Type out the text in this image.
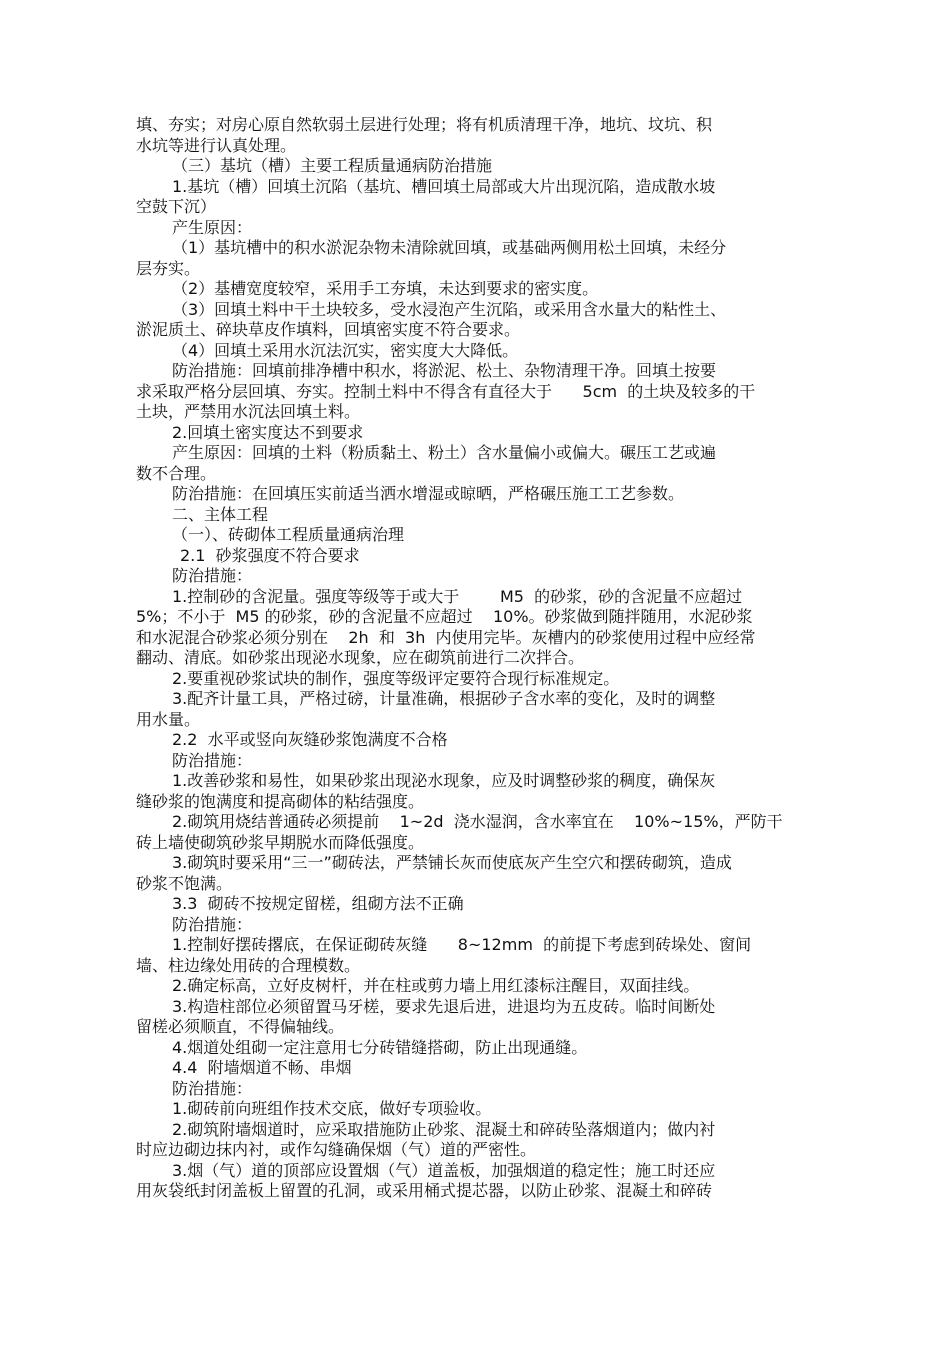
填、夯实；对房心原自然软弱土层进行处理；将有机质清理干净，地坑、坟坑、积
水坑等进行认真处理。
（三）基坑（槽）主要工程质量通病防治措施
1.基坑（槽）回填土沉陷（基坑、槽回填土局部或大片出现沉陷，造成散水坡
空鼓下沉）
产生原因：
（1）基坑槽中的积水淤泥杂物未清除就回填，或基础两侧用松土回填，未经分
层夯实。
（2）基槽宽度较窄，采用手工夯填，未达到要求的密实度。
（3）回填土料中干土块较多，受水浸泡产生沉陷，或采用含水量大的粘性土、
淤泥质土、碎块草皮作填料，回填密实度不符合要求。
（4）回填土采用水沉法沉实，密实度大大降低。
防治措施：回填前排净槽中积水，将淤泥、松土、杂物清理干净。回填土按要
求采取严格分层回填、夯实。控制土料中不得含有直径大于      5cm  的土块及较多的干
土块，严禁用水沉法回填土料。
2.回填土密实度达不到要求
产生原因：回填的土料（粉质黏土、粉土）含水量偏小或偏大。碾压工艺或遍
数不合理。
防治措施：在回填压实前适当洒水增湿或晾晒，严格碾压施工工艺参数。
二、主体工程
（一）、砖砌体工程质量通病治理
2.1  砂浆强度不符合要求
防治措施：
1.控制砂的含泥量。强度等级等于或大于        M5  的砂浆，砂的含泥量不应超过
5%；不小于  M5 的砂浆，砂的含泥量不应超过    10%。砂浆做到随拌随用，水泥砂浆
和水泥混合砂浆必须分别在    2h  和  3h  内使用完毕。灰槽内的砂浆使用过程中应经常
翻动、清底。如砂浆出现泌水现象，应在砌筑前进行二次拌合。
2.要重视砂浆试块的制作，强度等级评定要符合现行标准规定。
3.配齐计量工具，严格过磅，计量准确，根据砂子含水率的变化，及时的调整
用水量。
2.2  水平或竖向灰缝砂浆饱满度不合格
防治措施：
1.改善砂浆和易性，如果砂浆出现泌水现象，应及时调整砂浆的稠度，确保灰
缝砂浆的饱满度和提高砌体的粘结强度。
2.砌筑用烧结普通砖必须提前    1~2d  浇水湿润，含水率宜在    10%~15%，严防干
砖上墙使砌筑砂浆早期脱水而降低强度。
3.砌筑时要采用“三一”砌砖法，严禁铺长灰而使底灰产生空穴和摆砖砌筑，造成
砂浆不饱满。
3.3  砌砖不按规定留槎，组砌方法不正确
防治措施：
1.控制好摆砖撂底，在保证砌砖灰缝      8~12mm  的前提下考虑到砖垛处、窗间
墙、柱边缘处用砖的合理模数。
2.确定标高，立好皮树杆，并在柱或剪力墙上用红漆标注醒目，双面挂线。
3.构造柱部位必须留置马牙槎，要求先退后进，进退均为五皮砖。临时间断处
留槎必须顺直，不得偏轴线。
4.烟道处组砌一定注意用七分砖错缝搭砌，防止出现通缝。
4.4  附墙烟道不畅、串烟
防治措施：
1.砌砖前向班组作技术交底，做好专项验收。
2.砌筑附墙烟道时，应采取措施防止砂浆、混凝土和碎砖坠落烟道内；做内衬
时应边砌边抹内衬，或作勾缝确保烟（气）道的严密性。
3.烟（气）道的顶部应设置烟（气）道盖板，加强烟道的稳定性；施工时还应
用灰袋纸封闭盖板上留置的孔洞，或采用桶式提芯器，以防止砂浆、混凝土和碎砖
